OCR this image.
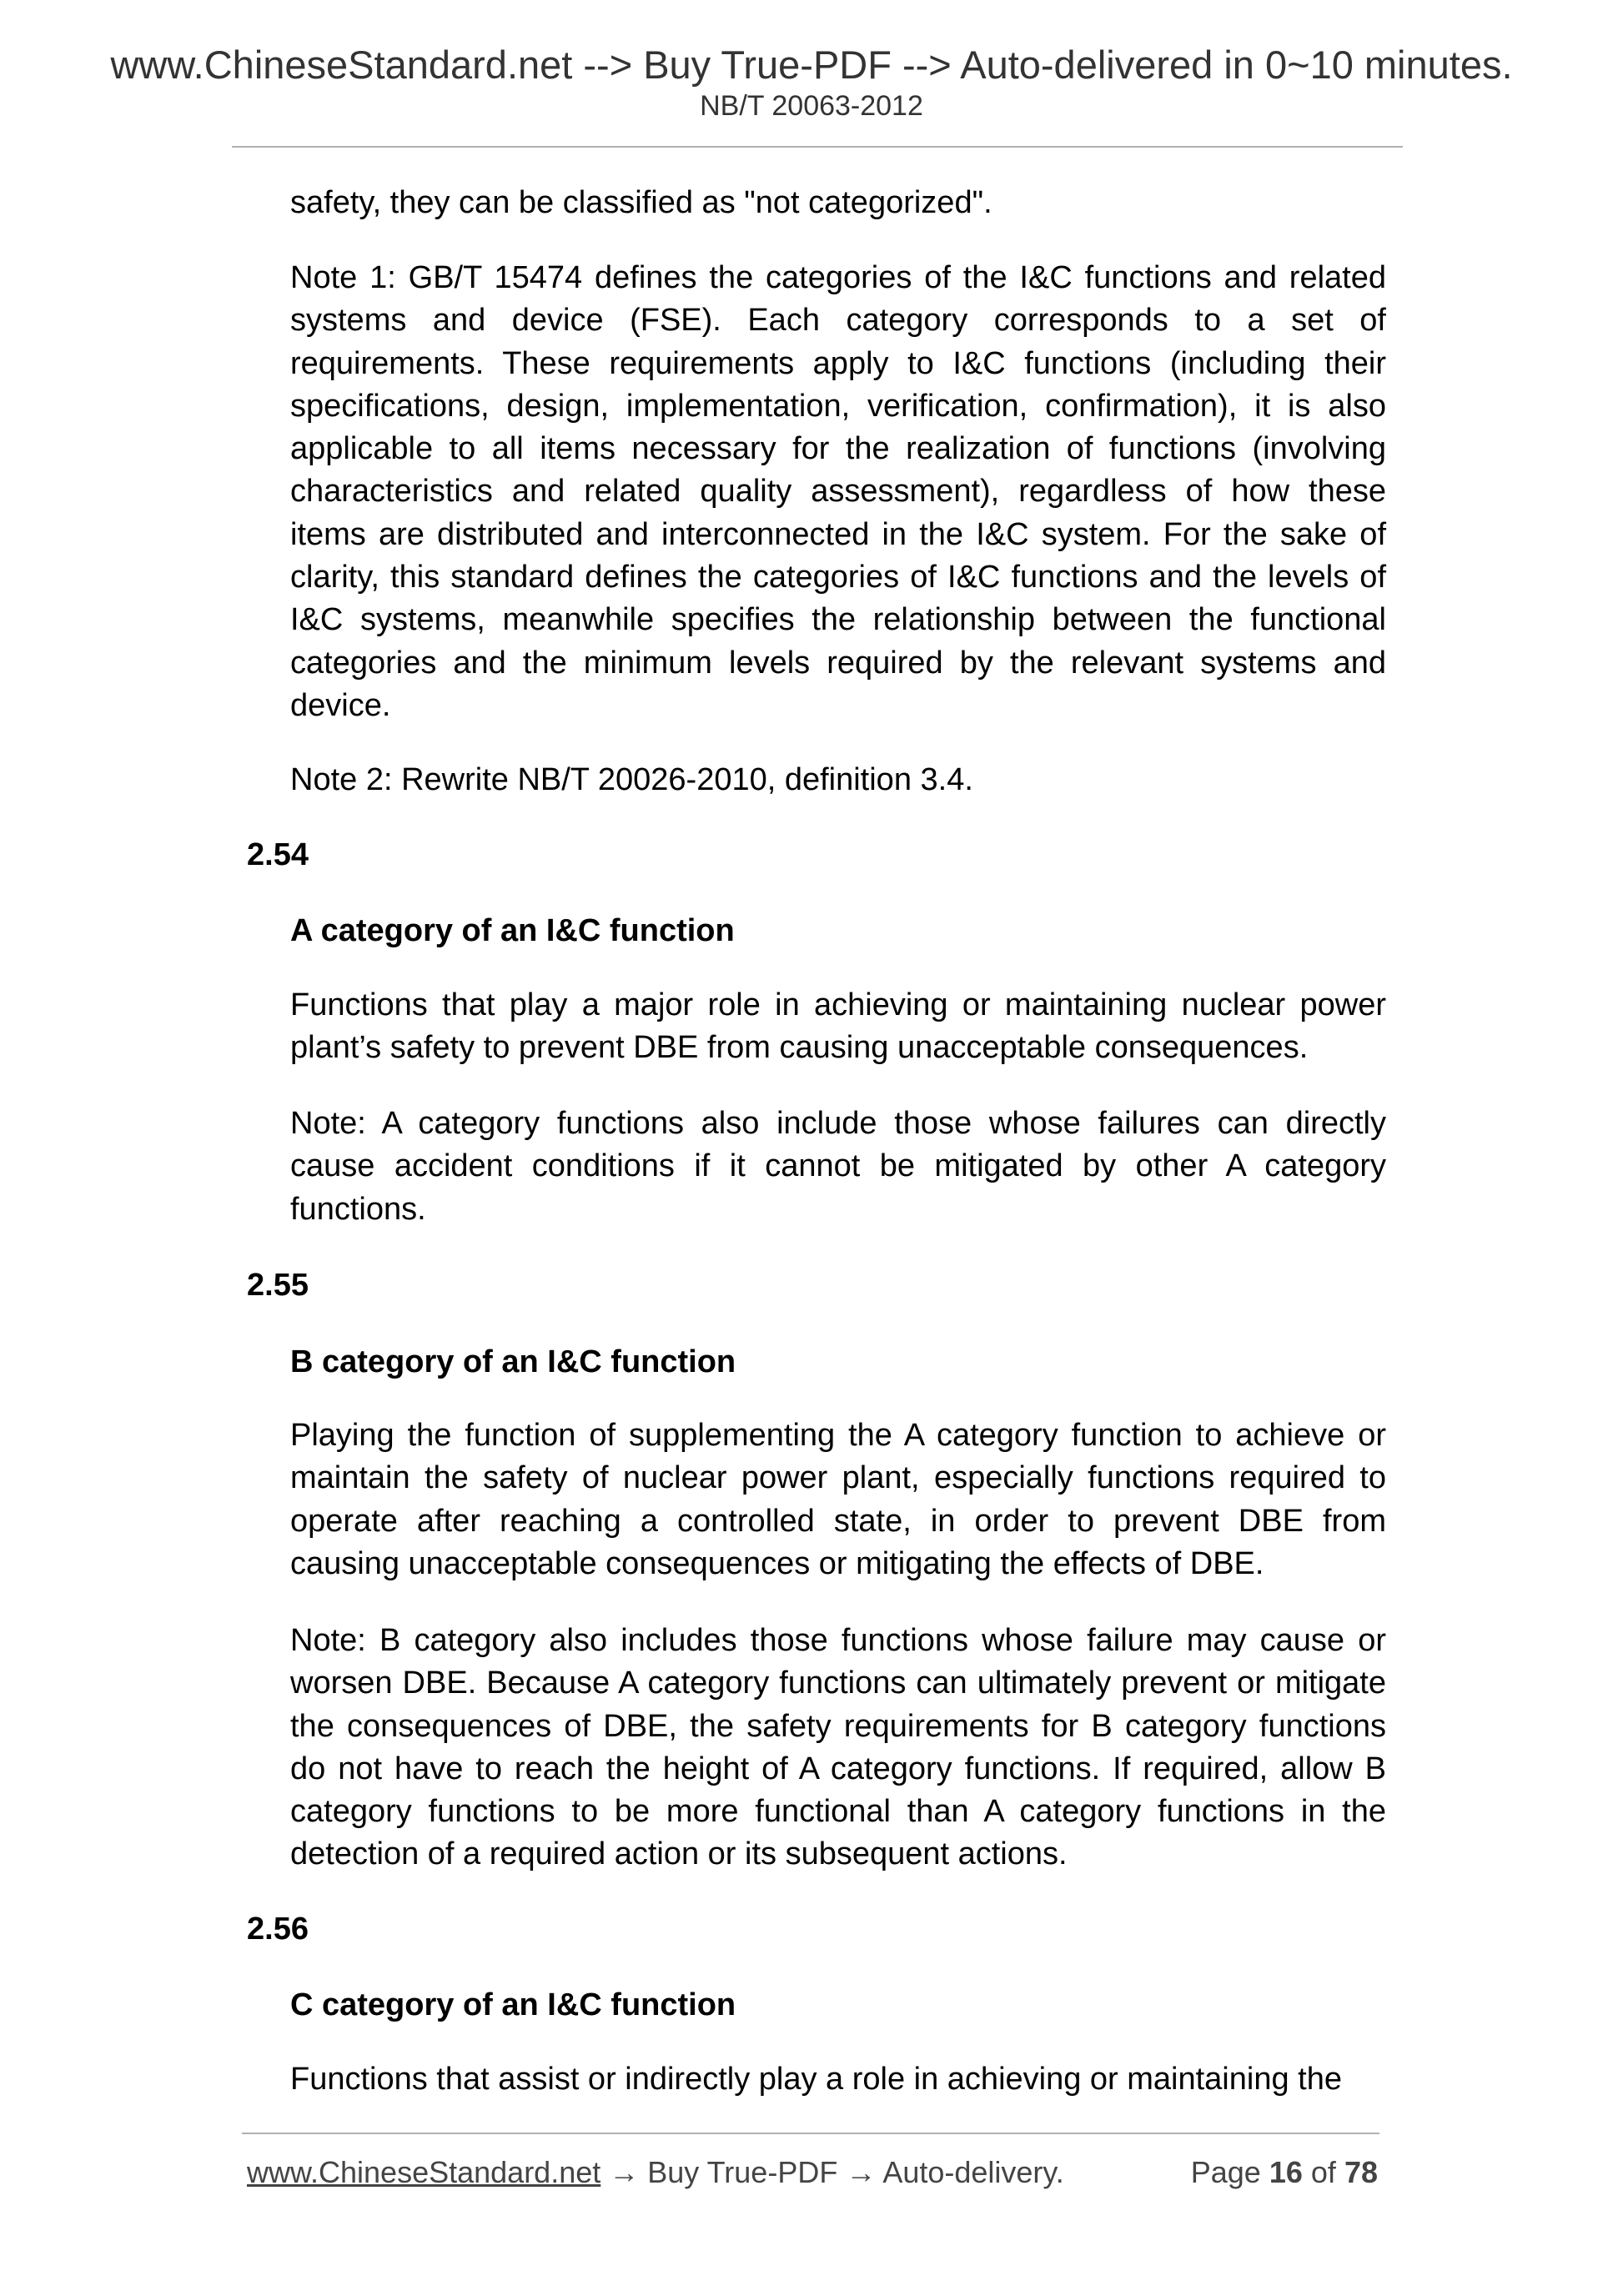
www.ChineseStandard.net --> Buy True-PDF --> Auto-delivered in 0~10 minutes.
NB/T 20063-2012

safety, they can be classified as "not categorized".

Note 1: GB/T 15474 defines the categories of the I&C functions and related systems and device (FSE). Each category corresponds to a set of requirements. These requirements apply to I&C functions (including their specifications, design, implementation, verification, confirmation), it is also applicable to all items necessary for the realization of functions (involving characteristics and related quality assessment), regardless of how these items are distributed and interconnected in the I&C system. For the sake of clarity, this standard defines the categories of I&C functions and the levels of I&C systems, meanwhile specifies the relationship between the functional categories and the minimum levels required by the relevant systems and device.

Note 2: Rewrite NB/T 20026-2010, definition 3.4.

2.54

A category of an I&C function

Functions that play a major role in achieving or maintaining nuclear power plant’s safety to prevent DBE from causing unacceptable consequences.

Note: A category functions also include those whose failures can directly cause accident conditions if it cannot be mitigated by other A category functions.

2.55

B category of an I&C function

Playing the function of supplementing the A category function to achieve or maintain the safety of nuclear power plant, especially functions required to operate after reaching a controlled state, in order to prevent DBE from causing unacceptable consequences or mitigating the effects of DBE.

Note: B category also includes those functions whose failure may cause or worsen DBE. Because A category functions can ultimately prevent or mitigate the consequences of DBE, the safety requirements for B category functions do not have to reach the height of A category functions. If required, allow B category functions to be more functional than A category functions in the detection of a required action or its subsequent actions.

2.56

C category of an I&C function

Functions that assist or indirectly play a role in achieving or maintaining the

www.ChineseStandard.net → Buy True-PDF → Auto-delivery.	Page 16 of 78
